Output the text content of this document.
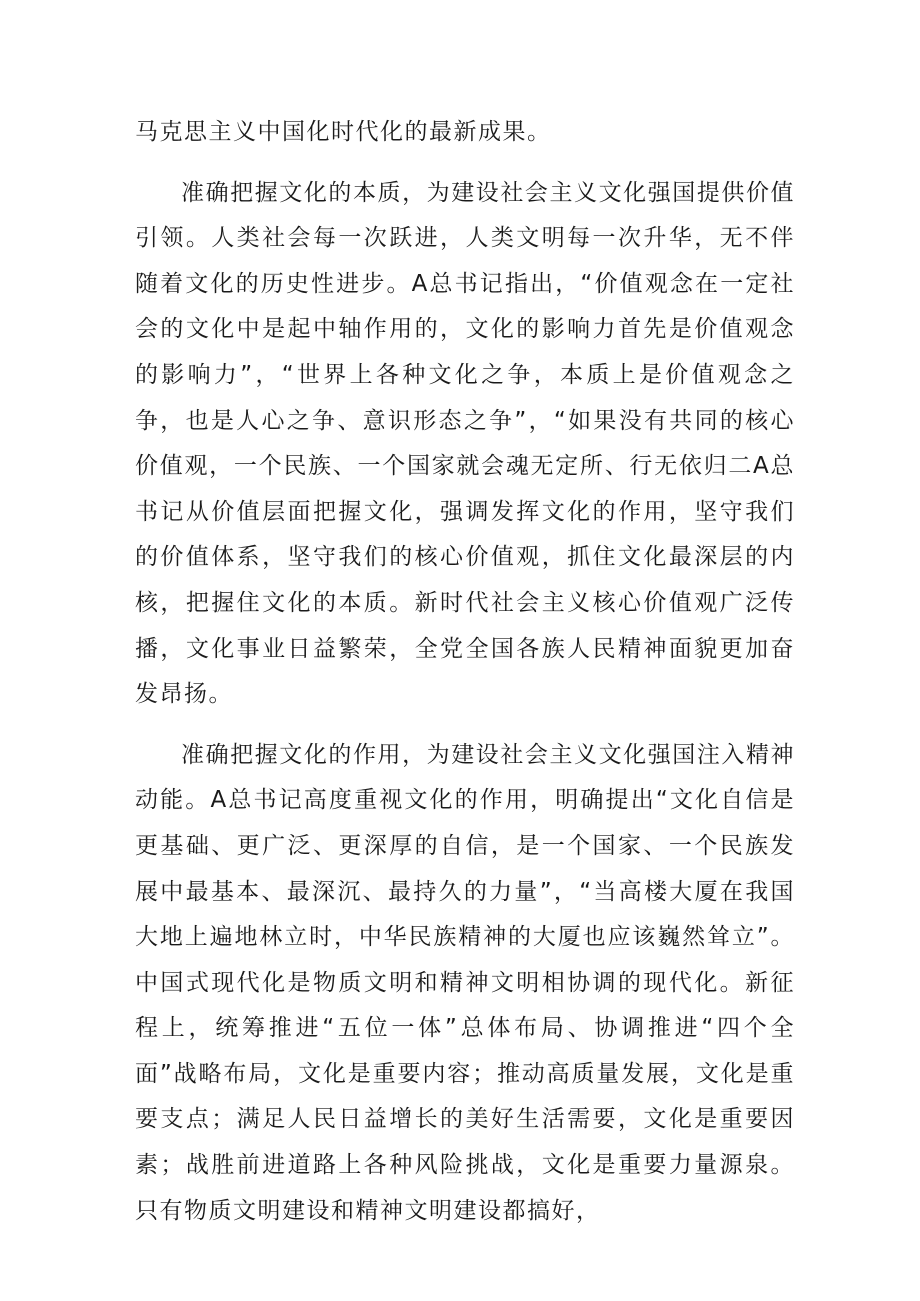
马克思主义中国化时代化的最新成果。

准确把握文化的本质，为建设社会主义文化强国提供价值引领。人类社会每一次跃进，人类文明每一次升华，无不伴随着文化的历史性进步。A总书记指出，“价值观念在一定社会的文化中是起中轴作用的，文化的影响力首先是价值观念的影响力”，“世界上各种文化之争，本质上是价值观念之争，也是人心之争、意识形态之争”，“如果没有共同的核心价值观，一个民族、一个国家就会魂无定所、行无依归二A总书记从价值层面把握文化，强调发挥文化的作用，坚守我们的价值体系，坚守我们的核心价值观，抓住文化最深层的内核，把握住文化的本质。新时代社会主义核心价值观广泛传播，文化事业日益繁荣，全党全国各族人民精神面貌更加奋发昂扬。

准确把握文化的作用，为建设社会主义文化强国注入精神动能。A总书记高度重视文化的作用，明确提出“文化自信是更基础、更广泛、更深厚的自信，是一个国家、一个民族发展中最基本、最深沉、最持久的力量”，“当高楼大厦在我国大地上遍地林立时，中华民族精神的大厦也应该巍然耸立”。中国式现代化是物质文明和精神文明相协调的现代化。新征程上，统筹推进“五位一体”总体布局、协调推进“四个全面”战略布局，文化是重要内容；推动高质量发展，文化是重要支点；满足人民日益增长的美好生活需要，文化是重要因素；战胜前进道路上各种风险挑战，文化是重要力量源泉。只有物质文明建设和精神文明建设都搞好，
